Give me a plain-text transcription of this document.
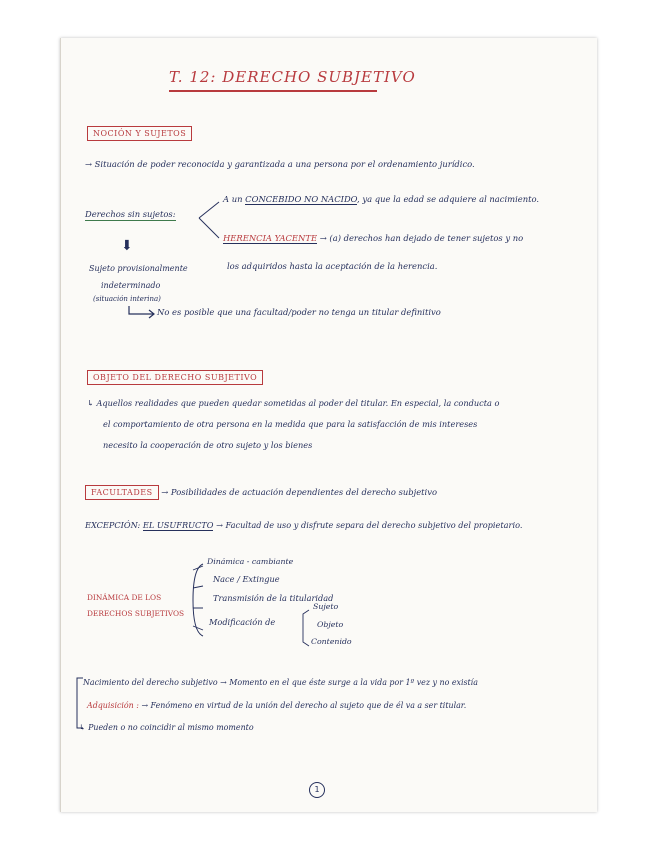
T. 12: DERECHO SUBJETIVO
NOCIÓN Y SUJETOS
→ Situación de poder reconocida y garantizada a una persona por el ordenamiento jurídico.
Derechos sin sujetos:
A un CONCEBIDO NO NACIDO, ya que la edad se adquiere al nacimiento.
HERENCIA YACENTE → (a) derechos han dejado de tener sujetos y no
los adquiridos hasta la aceptación de la herencia.
⬇
Sujeto provisionalmente
indeterminado
(situación interina)
No es posible que una facultad/poder no tenga un titular definitivo
OBJETO DEL DERECHO SUBJETIVO
↳ Aquellos realidades que pueden quedar sometidas al poder del titular. En especial, la conducta o
el comportamiento de otra persona en la medida que para la satisfacción de mis intereses
necesito la cooperación de otro sujeto y los bienes
FACULTADES → Posibilidades de actuación dependientes del derecho subjetivo
EXCEPCIÓN: EL USUFRUCTO → Facultad de uso y disfrute separa del derecho subjetivo del propietario.
DINÁMICA DE LOS
DERECHOS SUBJETIVOS
Dinámica - cambiante
Nace / Extingue
Transmisión de la titularidad
Modificación de
Sujeto
Objeto
Contenido
Nacimiento del derecho subjetivo → Momento en el que éste surge a la vida por 1º vez y no existía
Adquisición : → Fenómeno en virtud de la unión del derecho al sujeto que de él va a ser titular.
↳ Pueden o no coincidir al mismo momento
1
